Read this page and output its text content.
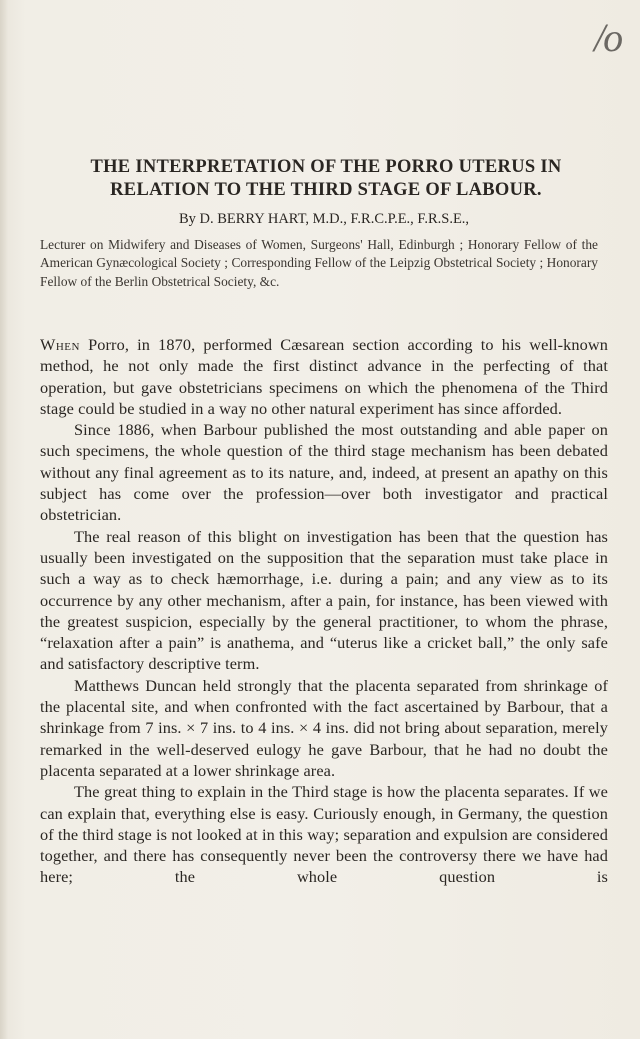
/o
THE INTERPRETATION OF THE PORRO UTERUS IN RELATION TO THE THIRD STAGE OF LABOUR.

By D. BERRY HART, M.D., F.R.C.P.E., F.R.S.E.,

Lecturer on Midwifery and Diseases of Women, Surgeons' Hall, Edinburgh ; Honorary Fellow of the American Gynæcological Society ; Corresponding Fellow of the Leipzig Obstetrical Society ; Honorary Fellow of the Berlin Obstetrical Society, &c.

When Porro, in 1870, performed Cæsarean section according to his well-known method, he not only made the first distinct advance in the perfecting of that operation, but gave obstetricians specimens on which the phenomena of the Third stage could be studied in a way no other natural experiment has since afforded.

Since 1886, when Barbour published the most outstanding and able paper on such specimens, the whole question of the third stage mechanism has been debated without any final agreement as to its nature, and, indeed, at present an apathy on this subject has come over the profession—over both investigator and practical obstetrician.

The real reason of this blight on investigation has been that the question has usually been investigated on the supposition that the separation must take place in such a way as to check hæmorrhage, i.e. during a pain; and any view as to its occurrence by any other mechanism, after a pain, for instance, has been viewed with the greatest suspicion, especially by the general practitioner, to whom the phrase, “relaxation after a pain” is anathema, and “uterus like a cricket ball,” the only safe and satisfactory descriptive term.

Matthews Duncan held strongly that the placenta separated from shrinkage of the placental site, and when confronted with the fact ascertained by Barbour, that a shrinkage from 7 ins. × 7 ins. to 4 ins. × 4 ins. did not bring about separation, merely remarked in the well-deserved eulogy he gave Barbour, that he had no doubt the placenta separated at a lower shrinkage area.

The great thing to explain in the Third stage is how the placenta separates. If we can explain that, everything else is easy. Curiously enough, in Germany, the question of the third stage is not looked at in this way; separation and expulsion are considered together, and there has consequently never been the controversy there we have had here; the whole question is
